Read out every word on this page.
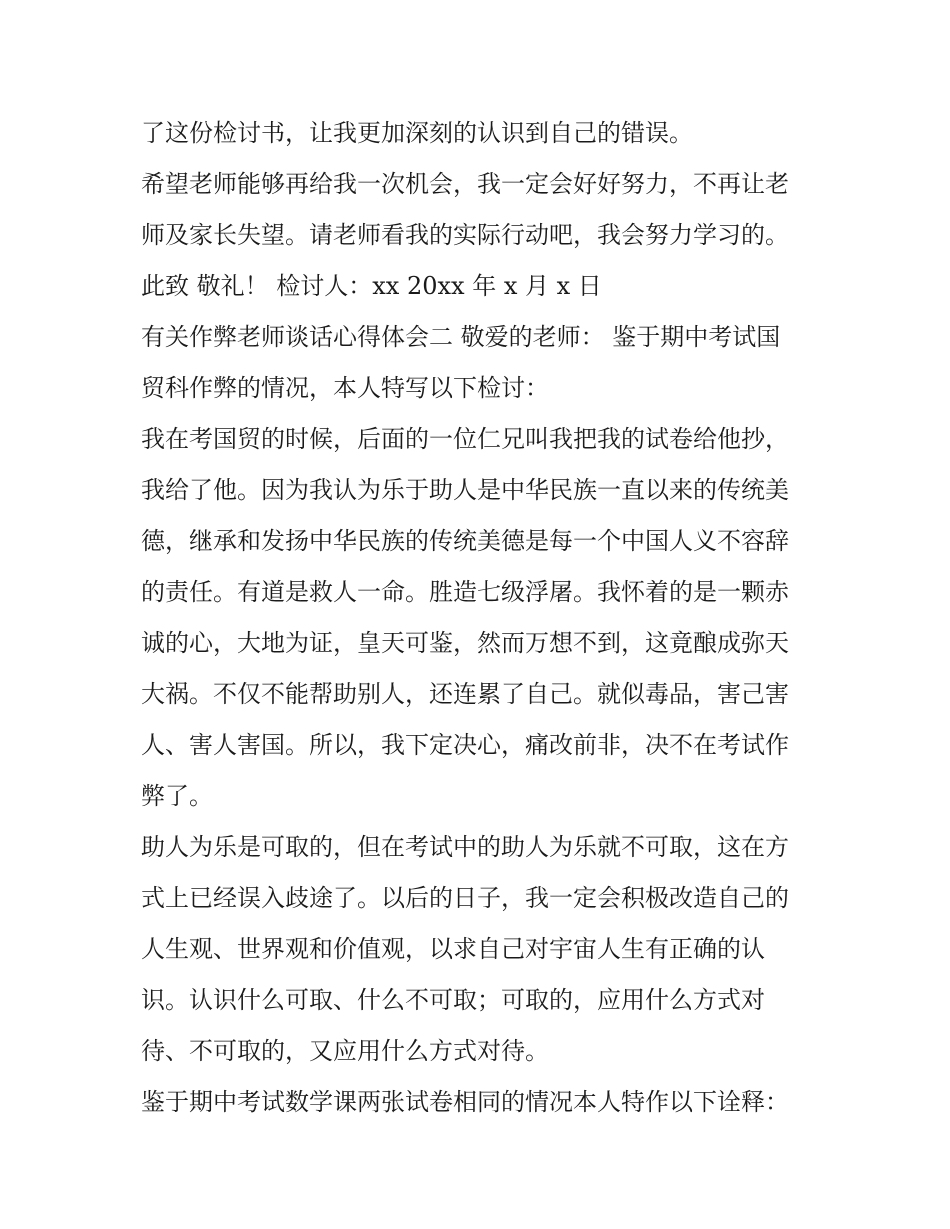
了这份检讨书，让我更加深刻的认识到自己的错误。
希望老师能够再给我一次机会，我一定会好好努力，不再让老
师及家长失望。请老师看我的实际行动吧，我会努力学习的。
此致 敬礼！ 检讨人：xx 20xx 年 x 月 x 日
有关作弊老师谈话心得体会二 敬爱的老师： 鉴于期中考试国
贸科作弊的情况，本人特写以下检讨：
我在考国贸的时候，后面的一位仁兄叫我把我的试卷给他抄，
我给了他。因为我认为乐于助人是中华民族一直以来的传统美
德，继承和发扬中华民族的传统美德是每一个中国人义不容辞
的责任。有道是救人一命。胜造七级浮屠。我怀着的是一颗赤
诚的心，大地为证，皇天可鉴，然而万想不到，这竟酿成弥天
大祸。不仅不能帮助别人，还连累了自己。就似毒品，害己害
人、害人害国。所以，我下定决心，痛改前非，决不在考试作
弊了。
助人为乐是可取的，但在考试中的助人为乐就不可取，这在方
式上已经误入歧途了。以后的日子，我一定会积极改造自己的
人生观、世界观和价值观，以求自己对宇宙人生有正确的认
识。认识什么可取、什么不可取；可取的，应用什么方式对
待、不可取的，又应用什么方式对待。
鉴于期中考试数学课两张试卷相同的情况本人特作以下诠释：
